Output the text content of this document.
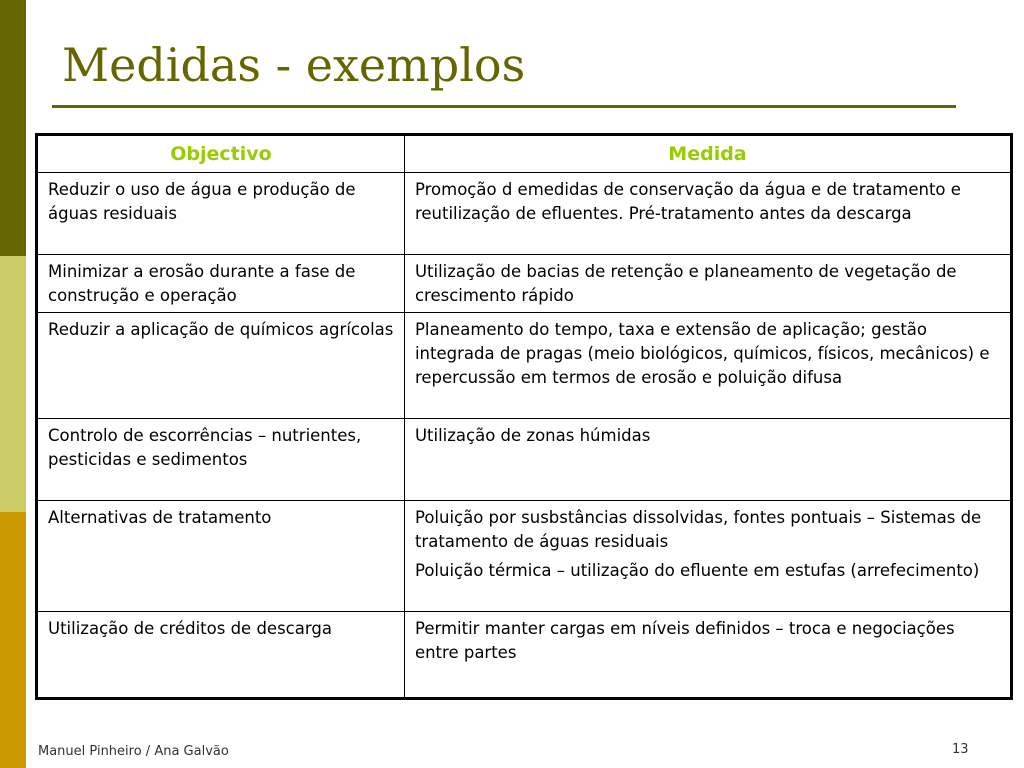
Medidas - exemplos
Objectivo	Medida
Reduzir o uso de água e produção de águas residuais	Promoção d emedidas de conservação da água e de tratamento e reutilização de efluentes. Pré-tratamento antes da descarga

Minimizar a erosão durante a fase de construção e operação	Utilização de bacias de retenção e planeamento de vegetação de crescimento rápido

Reduzir a aplicação de químicos agrícolas	Planeamento do tempo, taxa e extensão de aplicação; gestão integrada de pragas (meio biológicos, químicos, físicos, mecânicos) e repercussão em termos de erosão e poluição difusa

Controlo de escorrências – nutrientes, pesticidas e sedimentos	Utilização de zonas húmidas

Alternativas de tratamento	Poluição por susbstâncias dissolvidas, fontes pontuais – Sistemas de tratamento de águas residuais
Poluição térmica – utilização do efluente em estufas (arrefecimento)

Utilização de créditos de descarga	Permitir manter cargas em níveis definidos – troca e negociações entre partes
Manuel Pinheiro / Ana Galvão	13
